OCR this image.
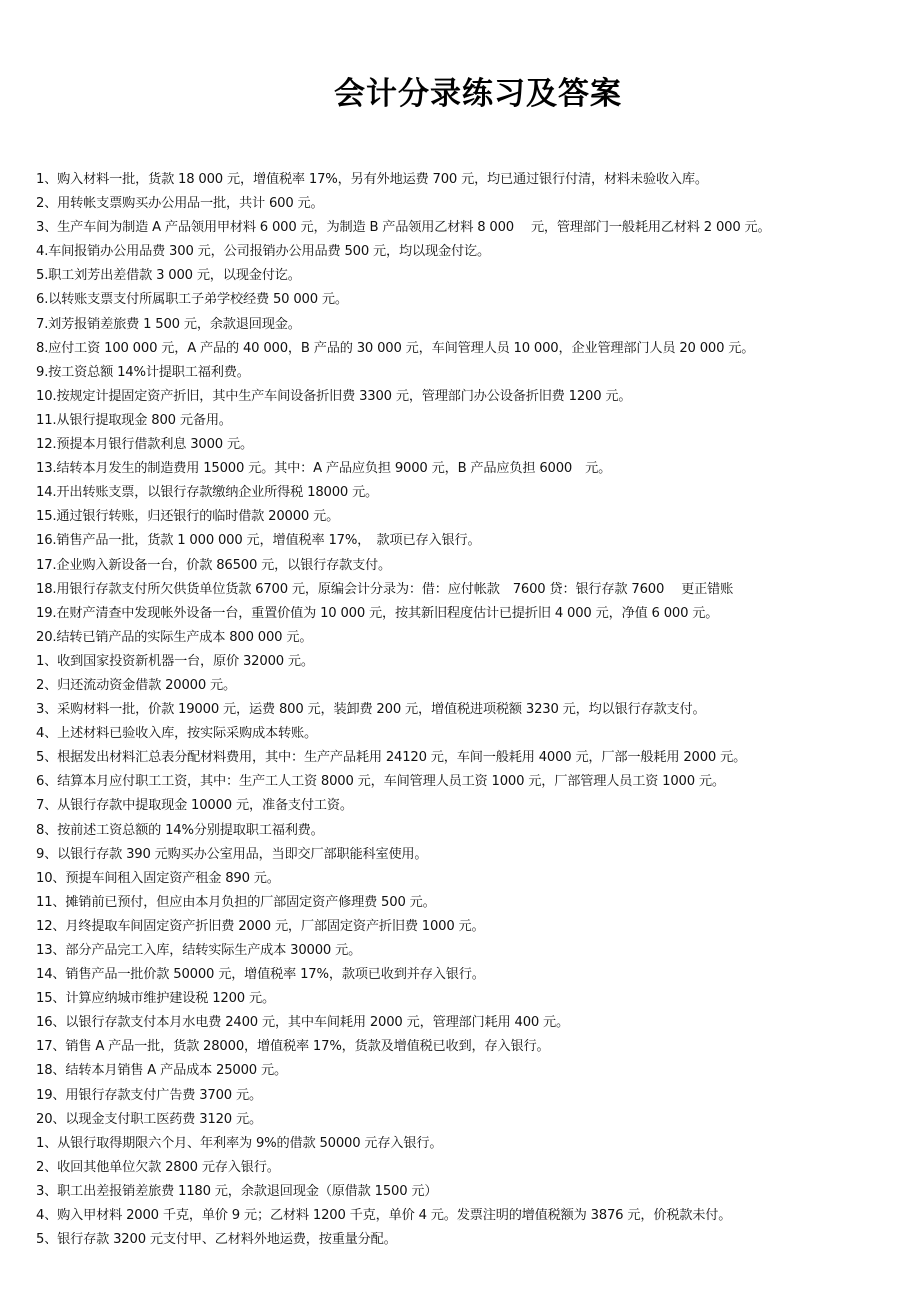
会计分录练习及答案
1、购入材料一批，货款 18 000 元，增值税率 17%，另有外地运费 700 元，均已通过银行付清，材料未验收入库。
2、用转帐支票购买办公用品一批，共计 600 元。
3、生产车间为制造 A 产品领用甲材料 6 000 元，为制造 B 产品领用乙材料 8 000　 元，管理部门一般耗用乙材料 2 000 元。
4.车间报销办公用品费 300 元，公司报销办公用品费 500 元，均以现金付讫。
5.职工刘芳出差借款 3 000 元，以现金付讫。
6.以转账支票支付所属职工子弟学校经费 50 000 元。
7.刘芳报销差旅费 1 500 元，余款退回现金。
8.应付工资 100 000 元，A 产品的 40 000，B 产品的 30 000 元，车间管理人员 10 000，企业管理部门人员 20 000 元。
9.按工资总额 14%计提职工福利费。
10.按规定计提固定资产折旧，其中生产车间设备折旧费 3300 元，管理部门办公设备折旧费 1200 元。
11.从银行提取现金 800 元备用。
12.预提本月银行借款利息 3000 元。
13.结转本月发生的制造费用 15000 元。其中：A 产品应负担 9000 元，B 产品应负担 6000　元。
14.开出转账支票，以银行存款缴纳企业所得税 18000 元。
15.通过银行转账，归还银行的临时借款 20000 元。
16.销售产品一批，货款 1 000 000 元，增值税率 17%，　款项已存入银行。
17.企业购入新设备一台，价款 86500 元，以银行存款支付。
18.用银行存款支付所欠供货单位货款 6700 元，原编会计分录为：借：应付帐款　7600 贷：银行存款 7600　 更正错账
19.在财产清查中发现帐外设备一台，重置价值为 10 000 元，按其新旧程度估计已提折旧 4 000 元，净值 6 000 元。
20.结转已销产品的实际生产成本 800 000 元。
1、收到国家投资新机器一台，原价 32000 元。
2、归还流动资金借款 20000 元。
3、采购材料一批，价款 19000 元，运费 800 元，装卸费 200 元，增值税进项税额 3230 元，均以银行存款支付。
4、上述材料已验收入库，按实际采购成本转账。
5、根据发出材料汇总表分配材料费用，其中：生产产品耗用 24120 元，车间一般耗用 4000 元，厂部一般耗用 2000 元。
6、结算本月应付职工工资，其中：生产工人工资 8000 元，车间管理人员工资 1000 元，厂部管理人员工资 1000 元。
7、从银行存款中提取现金 10000 元，准备支付工资。
8、按前述工资总额的 14%分别提取职工福利费。
9、以银行存款 390 元购买办公室用品，当即交厂部职能科室使用。
10、预提车间租入固定资产租金 890 元。
11、摊销前已预付，但应由本月负担的厂部固定资产修理费 500 元。
12、月终提取车间固定资产折旧费 2000 元，厂部固定资产折旧费 1000 元。
13、部分产品完工入库，结转实际生产成本 30000 元。
14、销售产品一批价款 50000 元，增值税率 17%，款项已收到并存入银行。
15、计算应纳城市维护建设税 1200 元。
16、以银行存款支付本月水电费 2400 元，其中车间耗用 2000 元，管理部门耗用 400 元。
17、销售 A 产品一批，货款 28000，增值税率 17%，货款及增值税已收到，存入银行。
18、结转本月销售 A 产品成本 25000 元。
19、用银行存款支付广告费 3700 元。
20、以现金支付职工医药费 3120 元。
1、从银行取得期限六个月、年利率为 9%的借款 50000 元存入银行。
2、收回其他单位欠款 2800 元存入银行。
3、职工出差报销差旅费 1180 元，余款退回现金（原借款 1500 元）
4、购入甲材料 2000 千克，单价 9 元；乙材料 1200 千克，单价 4 元。发票注明的增值税额为 3876 元，价税款未付。
5、银行存款 3200 元支付甲、乙材料外地运费，按重量分配。
